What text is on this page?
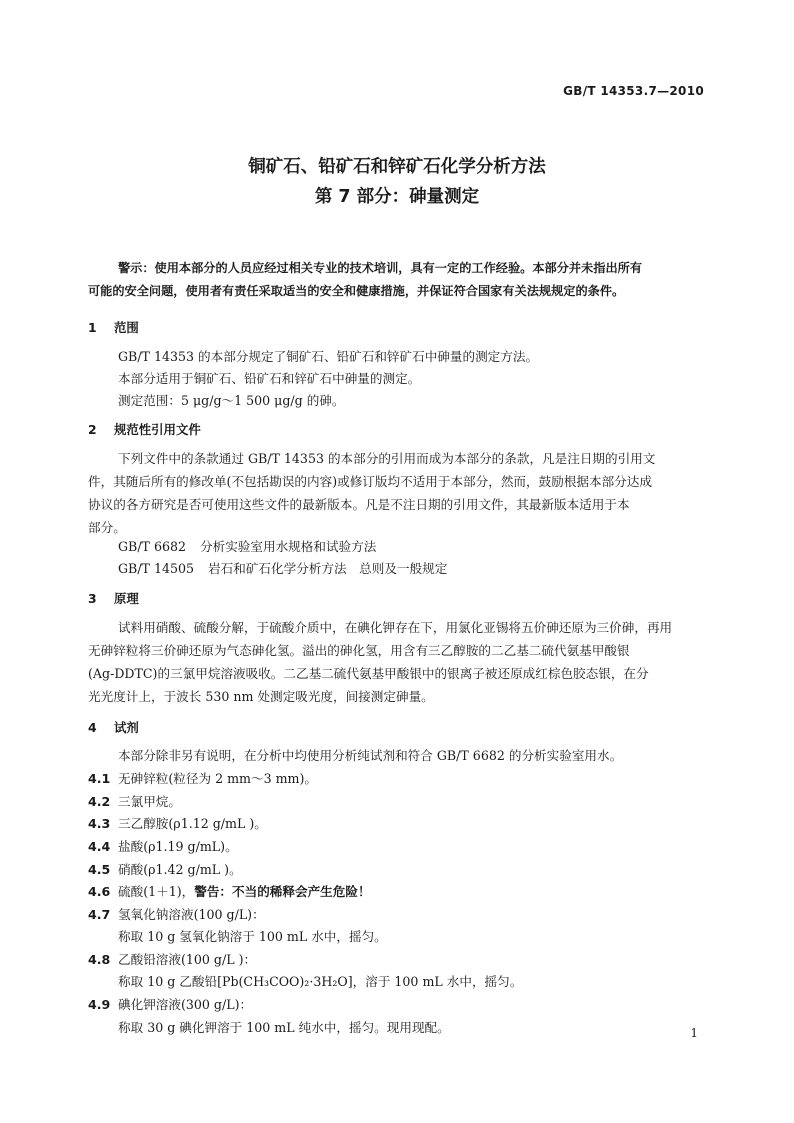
GB/T 14353.7—2010
铜矿石、铅矿石和锌矿石化学分析方法
第 7 部分：砷量测定
警示：使用本部分的人员应经过相关专业的技术培训，具有一定的工作经验。本部分并未指出所有
可能的安全问题，使用者有责任采取适当的安全和健康措施，并保证符合国家有关法规规定的条件。
1 范围
GB/T 14353 的本部分规定了铜矿石、铅矿石和锌矿石中砷量的测定方法。
本部分适用于铜矿石、铅矿石和锌矿石中砷量的测定。
测定范围：5 μg/g～1 500 μg/g 的砷。
2 规范性引用文件
下列文件中的条款通过 GB/T 14353 的本部分的引用而成为本部分的条款，凡是注日期的引用文
件，其随后所有的修改单(不包括勘误的内容)或修订版均不适用于本部分，然而，鼓励根据本部分达成
协议的各方研究是否可使用这些文件的最新版本。凡是不注日期的引用文件，其最新版本适用于本
部分。
GB/T 6682 分析实验室用水规格和试验方法
GB/T 14505 岩石和矿石化学分析方法　总则及一般规定
3 原理
试料用硝酸、硫酸分解，于硫酸介质中，在碘化钾存在下，用氯化亚锡将五价砷还原为三价砷，再用
无砷锌粒将三价砷还原为气态砷化氢。溢出的砷化氢，用含有三乙醇胺的二乙基二硫代氨基甲酸银
(Ag-DDTC)的三氯甲烷溶液吸收。二乙基二硫代氨基甲酸银中的银离子被还原成红棕色胶态银，在分
光光度计上，于波长 530 nm 处测定吸光度，间接测定砷量。
4 试剂
本部分除非另有说明，在分析中均使用分析纯试剂和符合 GB/T 6682 的分析实验室用水。
4.1 无砷锌粒(粒径为 2 mm～3 mm)。
4.2 三氯甲烷。
4.3 三乙醇胺(ρ1.12 g/mL )。
4.4 盐酸(ρ1.19 g/mL)。
4.5 硝酸(ρ1.42 g/mL )。
4.6 硫酸(1＋1)，警告：不当的稀释会产生危险！
4.7 氢氧化钠溶液(100 g/L)：
称取 10 g 氢氧化钠溶于 100 mL 水中，摇匀。
4.8 乙酸铅溶液(100 g/L )：
称取 10 g 乙酸铅[Pb(CH₃COO)₂·3H₂O]，溶于 100 mL 水中，摇匀。
4.9 碘化钾溶液(300 g/L)：
称取 30 g 碘化钾溶于 100 mL 纯水中，摇匀。现用现配。	1
